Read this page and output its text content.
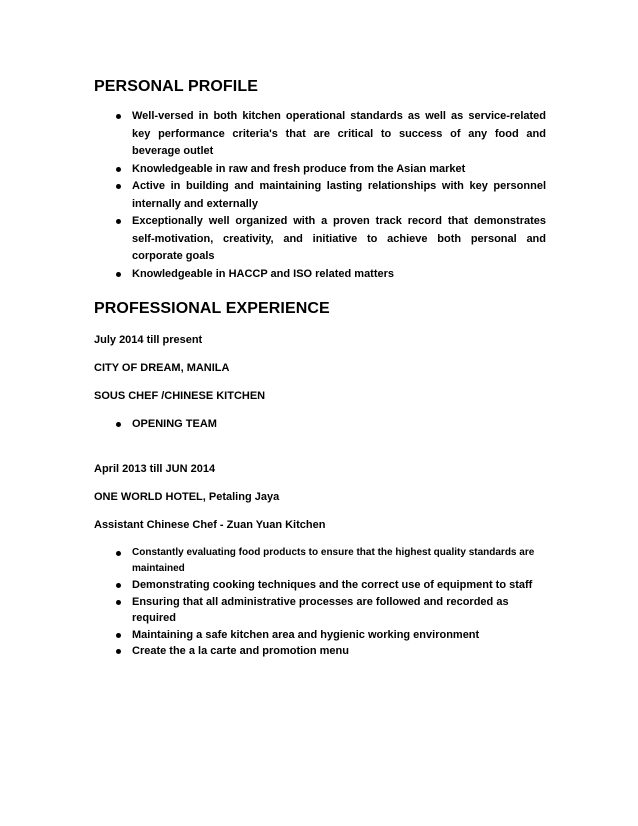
PERSONAL PROFILE
Well-versed in both kitchen operational standards as well as service-related key performance criteria's that are critical to success of any food and beverage outlet
Knowledgeable in raw and fresh produce from the Asian market
Active in building and maintaining lasting relationships with key personnel internally and externally
Exceptionally well organized with a proven track record that demonstrates self-motivation, creativity, and initiative to achieve both personal and corporate goals
Knowledgeable in HACCP and ISO related matters
PROFESSIONAL EXPERIENCE

July 2014 till present

CITY OF DREAM, MANILA

SOUS CHEF /CHINESE KITCHEN

OPENING TEAM

April 2013 till JUN 2014

ONE WORLD HOTEL, Petaling Jaya

Assistant Chinese Chef - Zuan Yuan Kitchen

Constantly evaluating food products to ensure that the highest quality standards are maintained
Demonstrating cooking techniques and the correct use of equipment to staff
Ensuring that all administrative processes are followed and recorded as required
Maintaining a safe kitchen area and hygienic working environment
Create the a la carte and promotion menu
